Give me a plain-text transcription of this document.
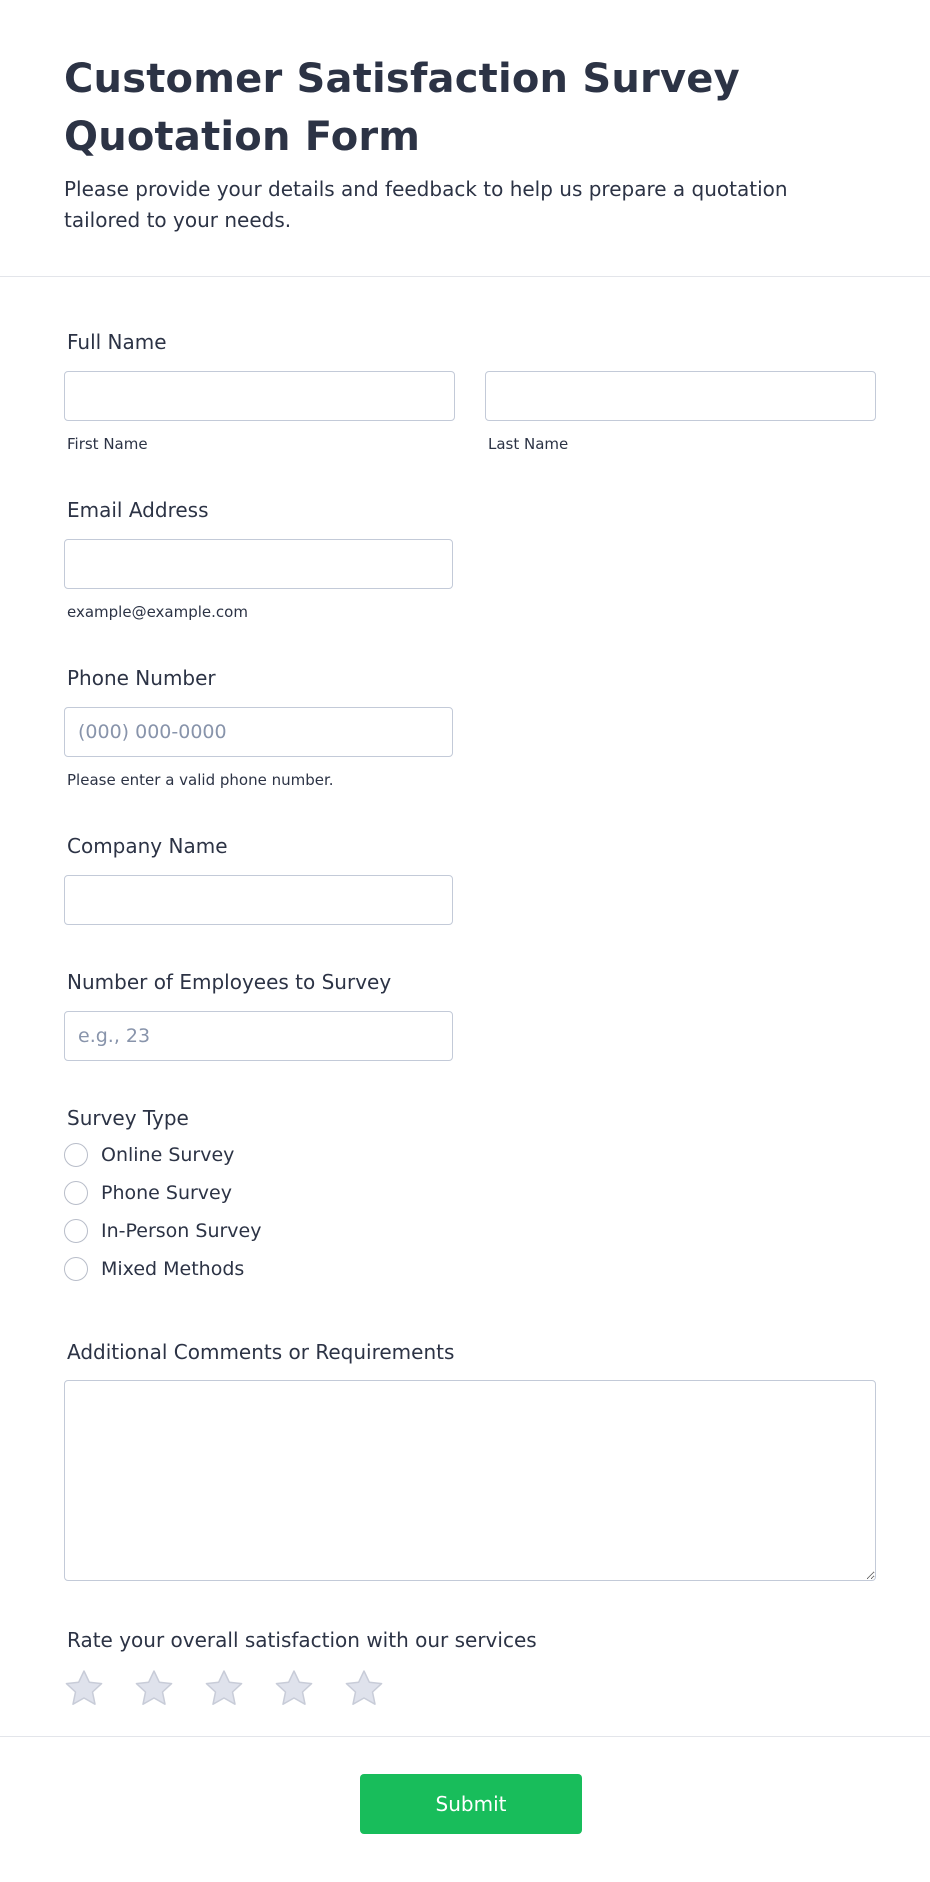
Customer Satisfaction Survey Quotation Form

Please provide your details and feedback to help us prepare a quotation tailored to your needs.

Full Name
First Name	Last Name
Email Address
example@example.com
Phone Number
(000) 000-0000
Please enter a valid phone number.
Company Name
Number of Employees to Survey
e.g., 23
Survey Type
Online Survey
Phone Survey
In-Person Survey
Mixed Methods
Additional Comments or Requirements
Rate your overall satisfaction with our services
Submit
